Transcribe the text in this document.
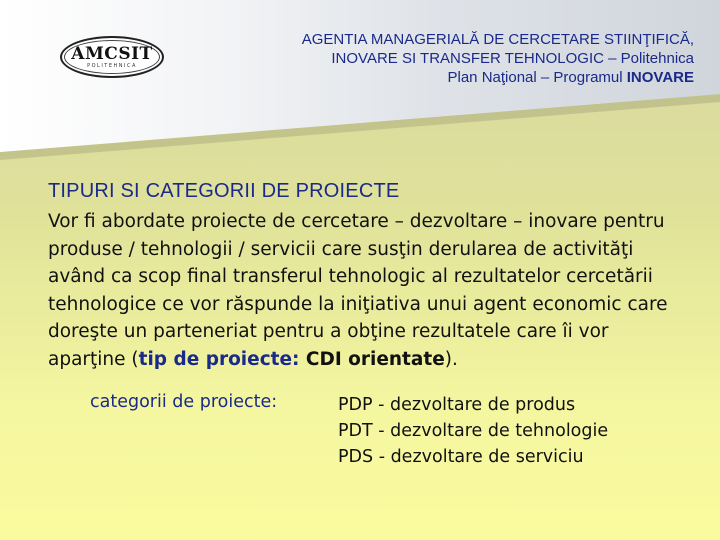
AMCSIT
POLITEHNICA
AGENTIA MANAGERIALĂ DE CERCETARE STIINŢIFICĂ,
INOVARE SI TRANSFER TEHNOLOGIC – Politehnica
Plan Naţional – Programul INOVARE
TIPURI SI CATEGORII DE PROIECTE
Vor fi abordate proiecte de cercetare – dezvoltare – inovare pentru produse / tehnologii / servicii care susţin derularea de activităţi având ca scop final transferul tehnologic al rezultatelor cercetării tehnologice ce vor răspunde la iniţiativa unui agent economic care doreşte un parteneriat pentru a obţine rezultatele care îi vor aparţine (tip de proiecte: CDI orientate).
categorii de proiecte:	PDP - dezvoltare de produs
PDT - dezvoltare de tehnologie
PDS - dezvoltare de serviciu
